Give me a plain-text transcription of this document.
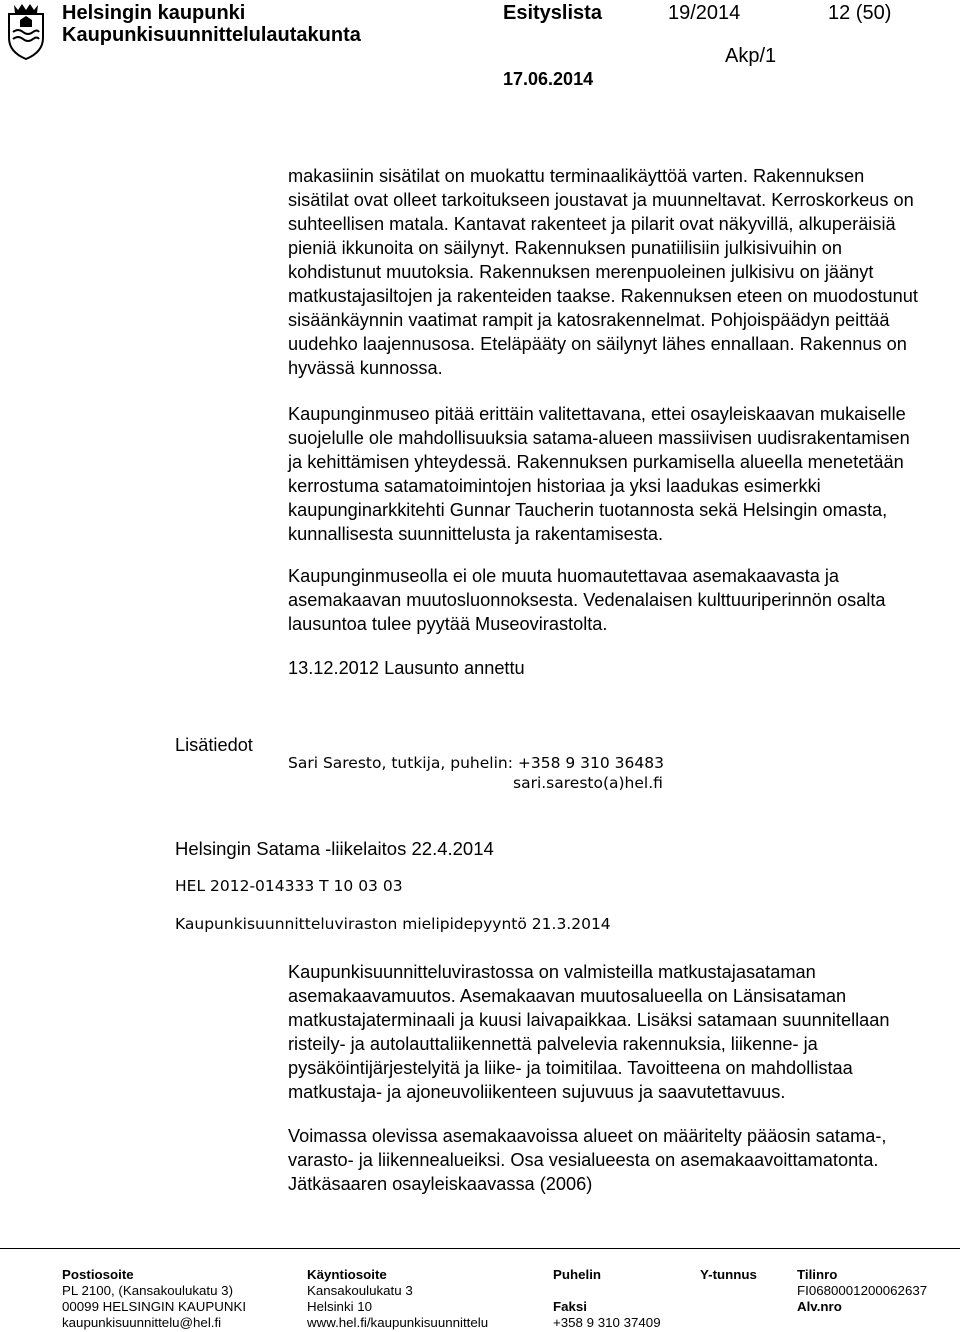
Helsingin kaupunki
Kaupunkisuunnittelulautakunta
Esityslista	19/2014	12 (50)
Akp/1
17.06.2014

makasiinin sisätilat on muokattu terminaalikäyttöä varten. Rakennuksen sisätilat ovat olleet tarkoitukseen joustavat ja muunneltavat. Kerroskorkeus on suhteellisen matala. Kantavat rakenteet ja pilarit ovat näkyvillä, alkuperäisiä pieniä ikkunoita on säilynyt. Rakennuksen punatiilisiin julkisivuihin on kohdistunut muutoksia. Rakennuksen merenpuoleinen julkisivu on jäänyt matkustajasiltojen ja rakenteiden taakse. Rakennuksen eteen on muodostunut sisäänkäynnin vaatimat rampit ja katosrakennelmat. Pohjoispäädyn peittää uudehko laajennusosa. Eteläpääty on säilynyt lähes ennallaan. Rakennus on hyvässä kunnossa.

Kaupunginmuseo pitää erittäin valitettavana, ettei osayleiskaavan mukaiselle suojelulle ole mahdollisuuksia satama-alueen massiivisen uudisrakentamisen ja kehittämisen yhteydessä. Rakennuksen purkamisella alueella menetetään kerrostuma satamatoimintojen historiaa ja yksi laadukas esimerkki kaupunginarkkitehti Gunnar Taucherin tuotannosta sekä Helsingin omasta, kunnallisesta suunnittelusta ja rakentamisesta.

Kaupunginmuseolla ei ole muuta huomautettavaa asemakaavasta ja asemakaavan muutosluonnoksesta. Vedenalaisen kulttuuriperinnön osalta lausuntoa tulee pyytää Museovirastolta.

13.12.2012 Lausunto annettu

Lisätiedot
Sari Saresto, tutkija, puhelin: +358 9 310 36483
sari.saresto(a)hel.fi
Helsingin Satama -liikelaitos 22.4.2014
HEL 2012-014333 T 10 03 03
Kaupunkisuunnitteluviraston mielipidepyyntö 21.3.2014

Kaupunkisuunnitteluvirastossa on valmisteilla matkustajasataman asemakaavamuutos. Asemakaavan muutosalueella on Länsisataman matkustajaterminaali ja kuusi laivapaikkaa. Lisäksi satamaan suunnitellaan risteily- ja autolauttaliikennettä palvelevia rakennuksia, liikenne- ja pysäköintijärjestelyitä ja liike- ja toimitilaa. Tavoitteena on mahdollistaa matkustaja- ja ajoneuvoliikenteen sujuvuus ja saavutettavuus.

Voimassa olevissa asemakaavoissa alueet on määritelty pääosin satama-, varasto- ja liikennealueiksi. Osa vesialueesta on asemakaavoittamatonta. Jätkäsaaren osayleiskaavassa (2006)

Postiosoite
PL 2100, (Kansakoulukatu 3)
00099 HELSINGIN KAUPUNKI
kaupunkisuunnittelu@hel.fi
Käyntiosoite
Kansakoulukatu 3
Helsinki 10
www.hel.fi/kaupunkisuunnittelu
Puhelin
Faksi
+358 9 310 37409
Y-tunnus	Tilinro
FI0680001200062637
Alv.nro
